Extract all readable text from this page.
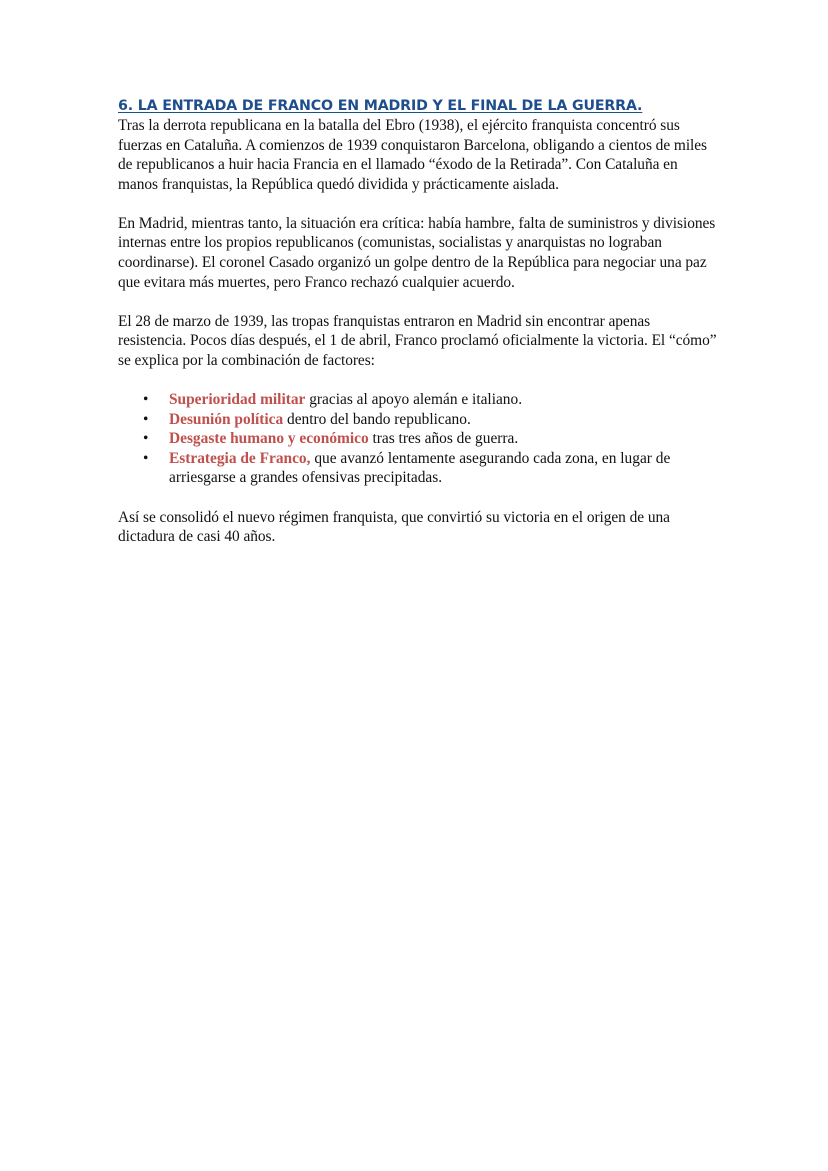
6. LA ENTRADA DE FRANCO EN MADRID Y EL FINAL DE LA GUERRA.

Tras la derrota republicana en la batalla del Ebro (1938), el ejército franquista concentró sus fuerzas en Cataluña. A comienzos de 1939 conquistaron Barcelona, obligando a cientos de miles de republicanos a huir hacia Francia en el llamado “éxodo de la Retirada”. Con Cataluña en manos franquistas, la República quedó dividida y prácticamente aislada.

En Madrid, mientras tanto, la situación era crítica: había hambre, falta de suministros y divisiones internas entre los propios republicanos (comunistas, socialistas y anarquistas no lograban coordinarse). El coronel Casado organizó un golpe dentro de la República para negociar una paz que evitara más muertes, pero Franco rechazó cualquier acuerdo.

El 28 de marzo de 1939, las tropas franquistas entraron en Madrid sin encontrar apenas resistencia. Pocos días después, el 1 de abril, Franco proclamó oficialmente la victoria. El “cómo” se explica por la combinación de factores:

• Superioridad militar gracias al apoyo alemán e italiano.
• Desunión política dentro del bando republicano.
• Desgaste humano y económico tras tres años de guerra.
• Estrategia de Franco, que avanzó lentamente asegurando cada zona, en lugar de arriesgarse a grandes ofensivas precipitadas.

Así se consolidó el nuevo régimen franquista, que convirtió su victoria en el origen de una dictadura de casi 40 años.
